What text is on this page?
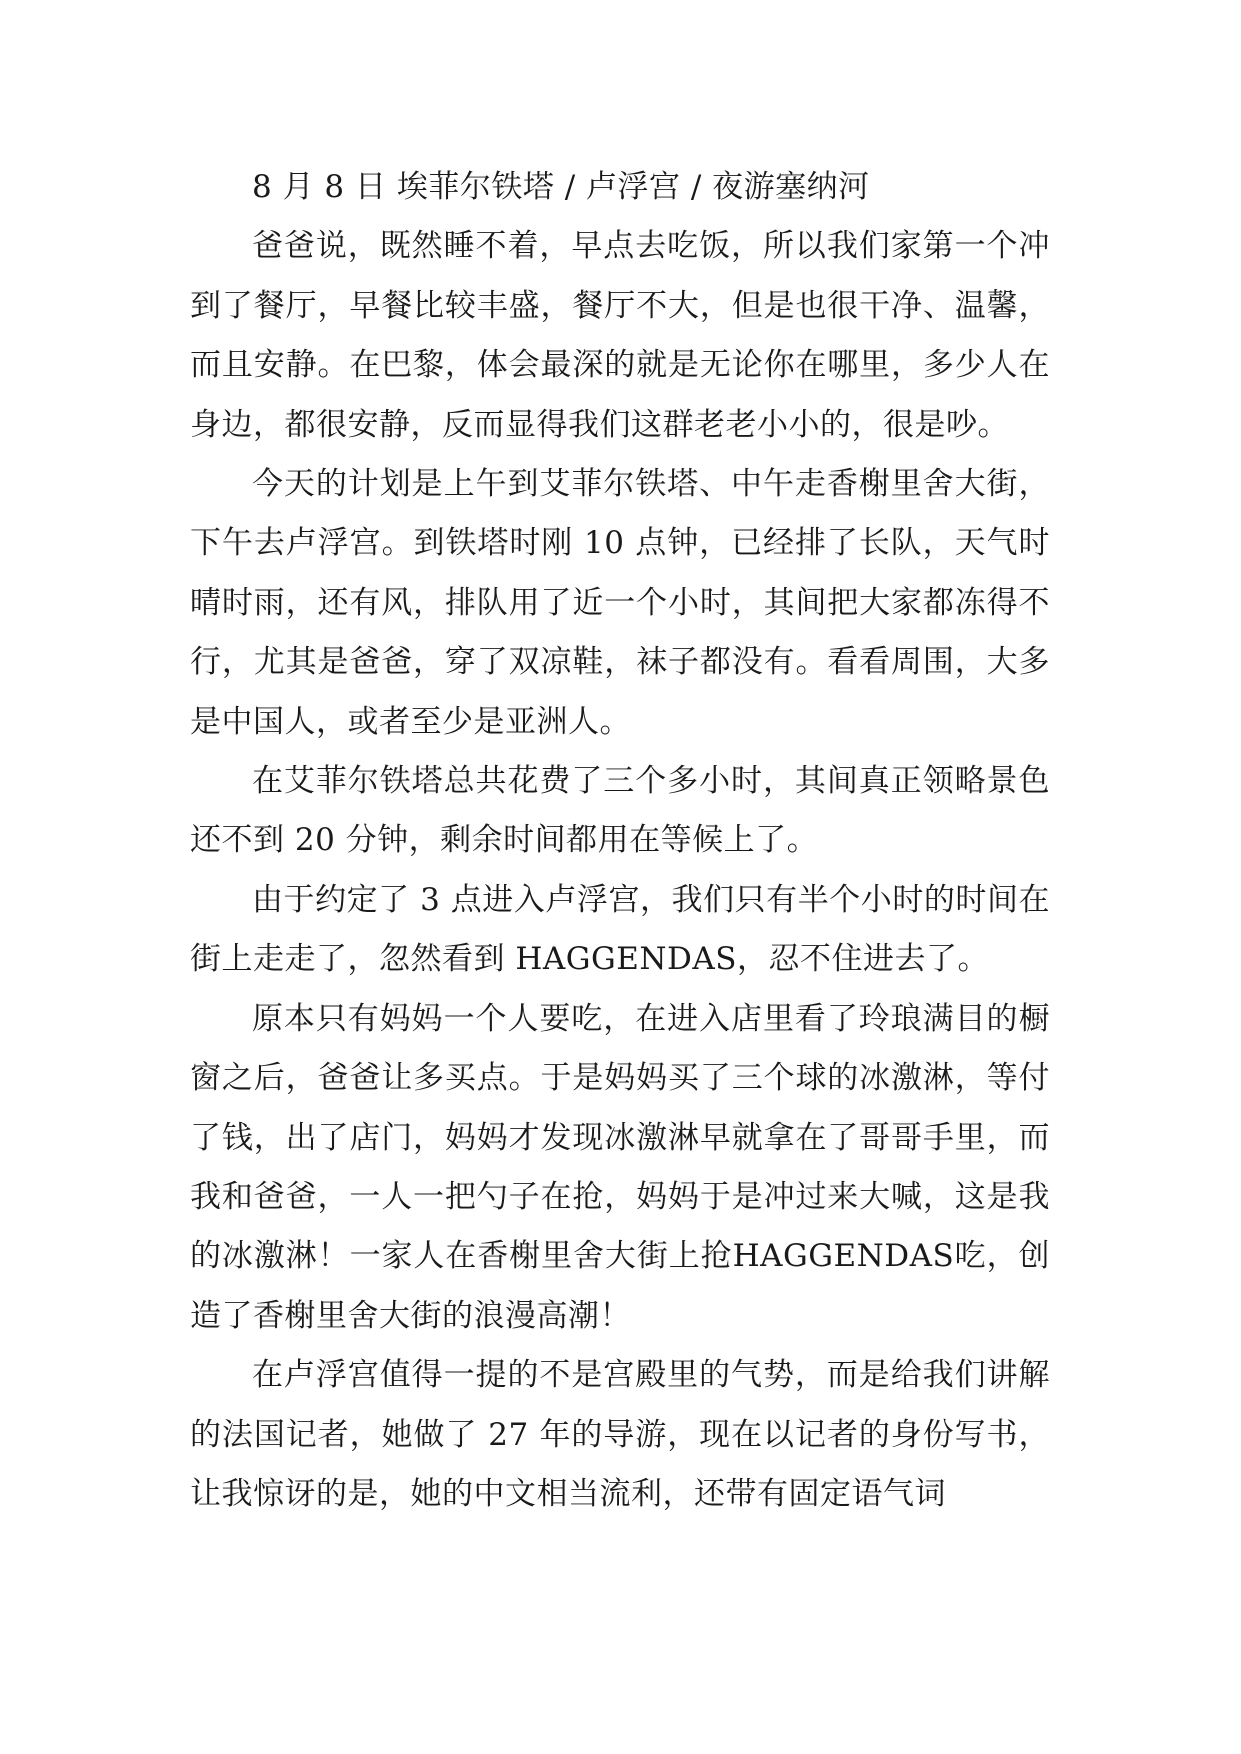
8 月 8 日 埃菲尔铁塔 / 卢浮宫 / 夜游塞纳河

爸爸说，既然睡不着，早点去吃饭，所以我们家第一个冲到了餐厅，早餐比较丰盛，餐厅不大，但是也很干净、温馨，而且安静。在巴黎，体会最深的就是无论你在哪里，多少人在身边，都很安静，反而显得我们这群老老小小的，很是吵。

今天的计划是上午到艾菲尔铁塔、中午走香榭里舍大街，下午去卢浮宫。到铁塔时刚 10 点钟，已经排了长队，天气时晴时雨，还有风，排队用了近一个小时，其间把大家都冻得不行，尤其是爸爸，穿了双凉鞋，袜子都没有。看看周围，大多是中国人，或者至少是亚洲人。

在艾菲尔铁塔总共花费了三个多小时，其间真正领略景色还不到 20 分钟，剩余时间都用在等候上了。

由于约定了 3 点进入卢浮宫，我们只有半个小时的时间在街上走走了，忽然看到 HAGGENDAS，忍不住进去了。

原本只有妈妈一个人要吃，在进入店里看了玲琅满目的橱窗之后，爸爸让多买点。于是妈妈买了三个球的冰激淋，等付了钱，出了店门，妈妈才发现冰激淋早就拿在了哥哥手里，而我和爸爸，一人一把勺子在抢，妈妈于是冲过来大喊，这是我的冰激淋！一家人在香榭里舍大街上抢HAGGENDAS吃，创造了香榭里舍大街的浪漫高潮！

在卢浮宫值得一提的不是宫殿里的气势，而是给我们讲解的法国记者，她做了 27 年的导游，现在以记者的身份写书，让我惊讶的是，她的中文相当流利，还带有固定语气词
